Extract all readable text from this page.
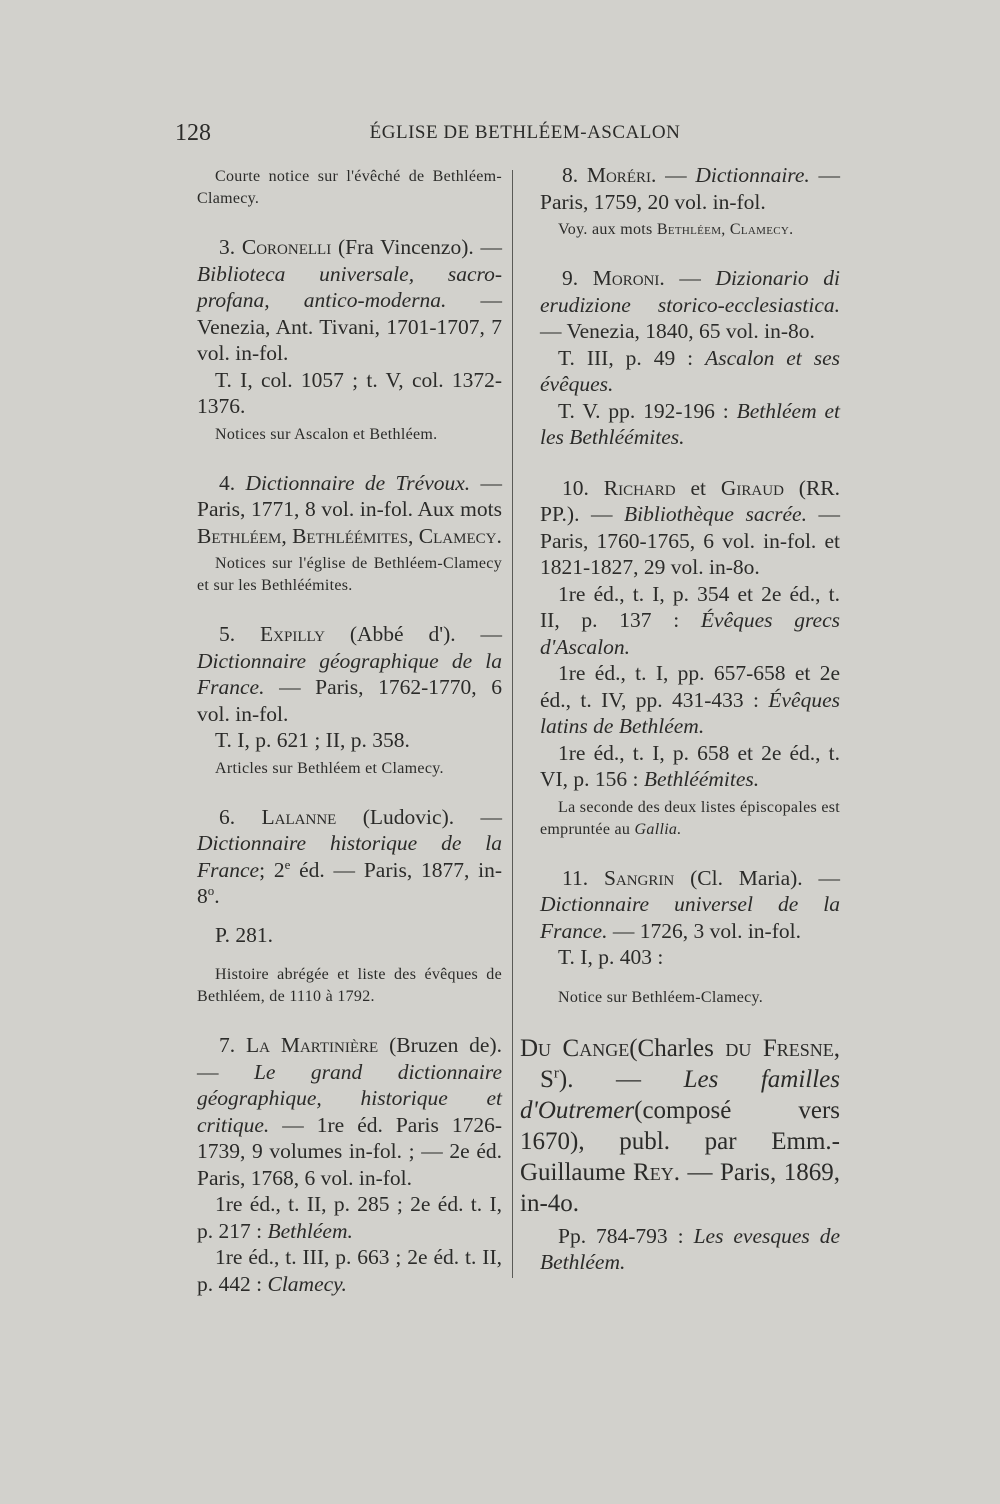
128	ÉGLISE DE BETHLÉEM-ASCALON
Courte notice sur l'évêché de Bethléem-Clamecy.
3. Coronelli (Fra Vincenzo). — Biblioteca universale, sacro-profana, antico-moderna. — Venezia, Ant. Tivani, 1701-1707, 7 vol. in-fol.
T. I, col. 1057 ; t. V, col. 1372-1376.
Notices sur Ascalon et Bethléem.
4. Dictionnaire de Trévoux. — Paris, 1771, 8 vol. in-fol. Aux mots Bethléem, Bethléémites, Clamecy.
Notices sur l'église de Bethléem-Clamecy et sur les Bethléémites.
5. Expilly (Abbé d'). — Dictionnaire géographique de la France. — Paris, 1762-1770, 6 vol. in-fol.
T. I, p. 621 ; II, p. 358.
Articles sur Bethléem et Clamecy.
6. Lalanne (Ludovic). — Dictionnaire historique de la France; 2e éd. — Paris, 1877, in-8$^o$.
P. 281.
Histoire abrégée et liste des évêques de Bethléem, de 1110 à 1792.
7. La Martinière (Bruzen de). — Le grand dictionnaire géographique, historique et critique. — 1re éd. Paris 1726-1739, 9 volumes in-fol. ; — 2e éd. Paris, 1768, 6 vol. in-fol.
1re éd., t. II, p. 285 ; 2e éd. t. I, p. 217 : Bethléem.
1re éd., t. III, p. 663 ; 2e éd. t. II, p. 442 : Clamecy.
8. Moréri. — Dictionnaire. — Paris, 1759, 20 vol. in-fol.
Voy. aux mots Bethléem, Clamecy.
9. Moroni. — Dizionario di erudizione storico-ecclesiastica. — Venezia, 1840, 65 vol. in-8o.
T. III, p. 49 : Ascalon et ses évêques.
T. V. pp. 192-196 : Bethléem et les Bethléémites.
10. Richard et Giraud (RR. PP.). — Bibliothèque sacrée. — Paris, 1760-1765, 6 vol. in-fol. et 1821-1827, 29 vol. in-8o.
1re éd., t. I, p. 354 et 2e éd., t. II, p. 137 : Évêques grecs d'Ascalon.
1re éd., t. I, pp. 657-658 et 2e éd., t. IV, pp. 431-433 : Évêques latins de Bethléem.
1re éd., t. I, p. 658 et 2e éd., t. VI, p. 156 : Bethléémites.
La seconde des deux listes épiscopales est empruntée au Gallia.
11. Sangrin (Cl. Maria). — Dictionnaire universel de la France. — 1726, 3 vol. in-fol.
T. I, p. 403 :
Notice sur Bethléem-Clamecy.
Du Cange(Charles du Fresne, $S^r$). — Les familles d'Outremer(composé vers 1670), publ. par Emm.-Guillaume Rey. — Paris, 1869, in-4o.
Pp. 784-793 : Les evesques de Bethléem.
